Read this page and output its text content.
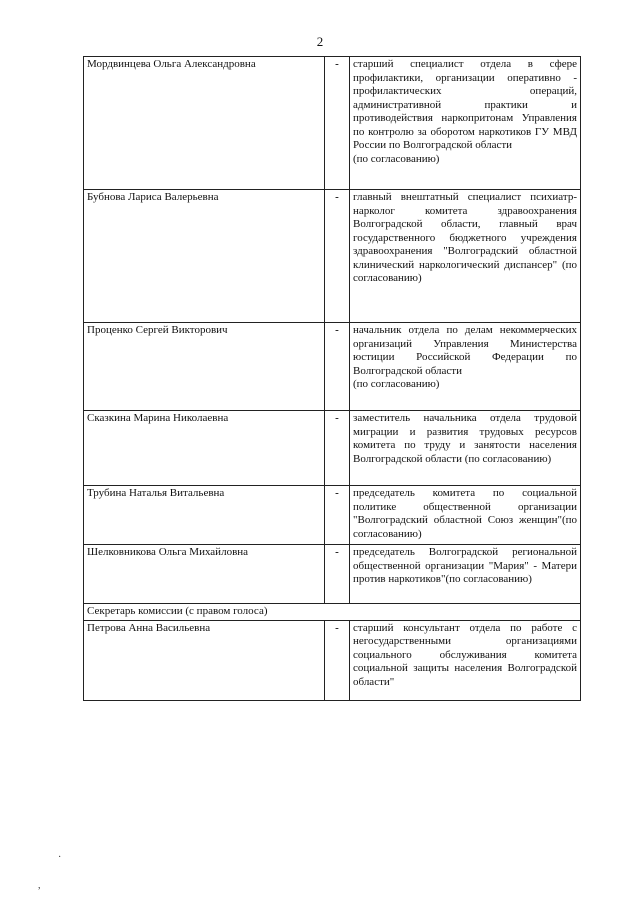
2
Мордвинцева Ольга Александровна	-	старший специалист отдела в сфере профилактики, организации оперативно - профилактических операций, административной практики и противодействия наркопритонам Управления по контролю за оборотом наркотиков ГУ МВД России по Волгоградской области
(по согласованию)

Бубнова Лариса Валерьевна	-	главный внештатный специалист психиатр-нарколог комитета здравоохранения Волгоградской области, главный врач государственного бюджетного учреждения здравоохранения "Волгоградский областной клинический наркологический диспансер" (по согласованию)
Проценко Сергей Викторович	-	начальник отдела по делам некоммерческих организаций Управления Министерства юстиции Российской Федерации по Волгоградской области
(по согласованию)

Сказкина Марина Николаевна	-	заместитель начальника отдела трудовой миграции и развития трудовых ресурсов комитета по труду и занятости населения Волгоградской области (по согласованию)
Трубина Наталья Витальевна	-	председатель комитета по социальной политике общественной организации "Волгоградский областной Союз женщин"(по согласованию)
Шелковникова Ольга Михайловна	-	председатель Волгоградской региональной общественной организации "Мария" - Матери против наркотиков"(по согласованию)
Секретарь комиссии (с правом голоса)		
Петрова Анна Васильевна	-	старший консультант отдела по работе с негосударственными организациями социального обслуживания комитета социальной защиты населения Волгоградской области"
·
,
